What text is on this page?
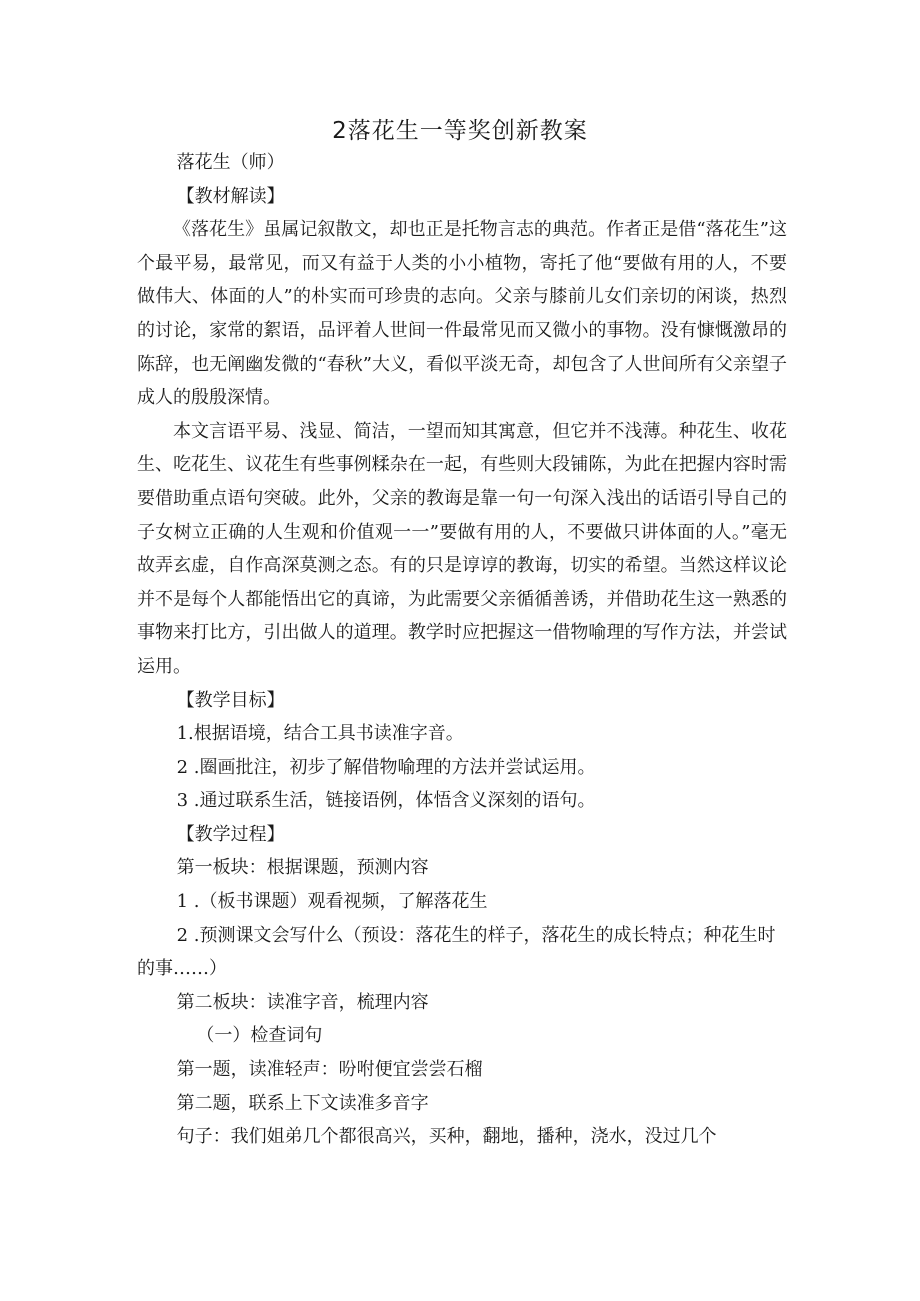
2落花生一等奖创新教案

落花生（师）

【教材解读】

《落花生》虽属记叙散文，却也正是托物言志的典范。作者正是借“落花生”这个最平易，最常见，而又有益于人类的小小植物，寄托了他“要做有用的人，不要做伟大、体面的人”的朴实而可珍贵的志向。父亲与膝前儿女们亲切的闲谈，热烈的讨论，家常的絮语，品评着人世间一件最常见而又微小的事物。没有慷慨激昂的陈辞，也无阐幽发微的“春秋”大义，看似平淡无奇，却包含了人世间所有父亲望子成人的殷殷深情。

本文言语平易、浅显、简洁，一望而知其寓意，但它并不浅薄。种花生、收花生、吃花生、议花生有些事例糅杂在一起，有些则大段铺陈，为此在把握内容时需要借助重点语句突破。此外，父亲的教诲是靠一句一句深入浅出的话语引导自己的子女树立正确的人生观和价值观一一”要做有用的人，不要做只讲体面的人。”毫无故弄玄虚，自作高深莫测之态。有的只是谆谆的教诲，切实的希望。当然这样议论并不是每个人都能悟出它的真谛，为此需要父亲循循善诱，并借助花生这一熟悉的事物来打比方，引出做人的道理。教学时应把握这一借物喻理的写作方法，并尝试运用。

【教学目标】

1.根据语境，结合工具书读准字音。

2 .圈画批注，初步了解借物喻理的方法并尝试运用。

3 .通过联系生活，链接语例，体悟含义深刻的语句。

【教学过程】

第一板块：根据课题，预测内容

1 .（板书课题）观看视频，了解落花生

2 .预测课文会写什么（预设：落花生的样子，落花生的成长特点；种花生时的事……）

第二板块：读准字音，梳理内容

（一）检查词句

第一题，读准轻声：吩咐便宜尝尝石榴

第二题，联系上下文读准多音字

句子：我们姐弟几个都很高兴，买种，翻地，播种，浇水，没过几个
